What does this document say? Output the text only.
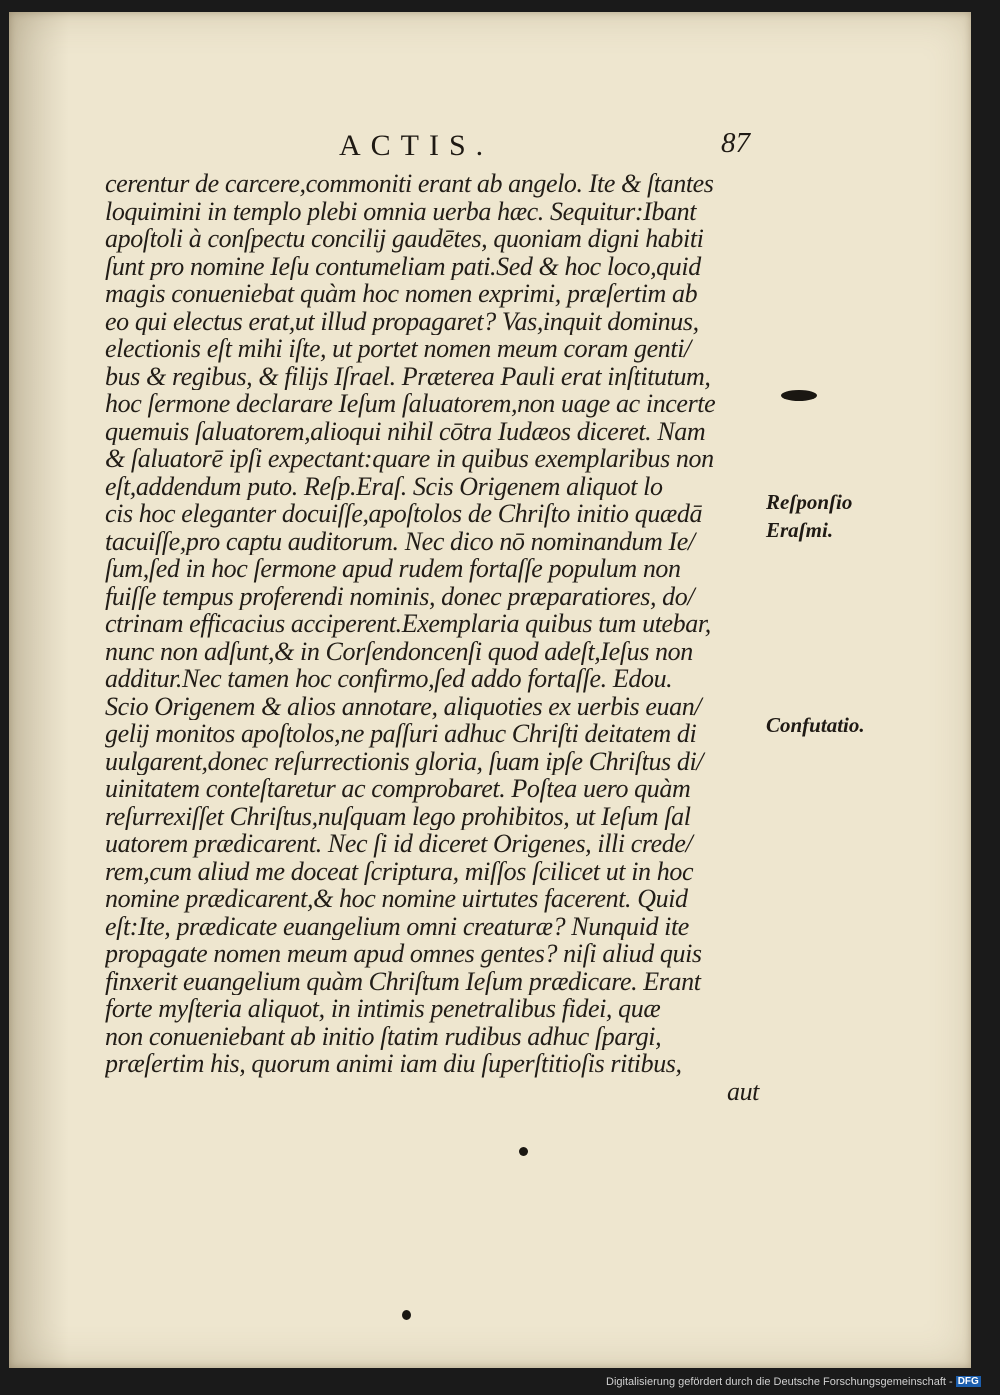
ACTIS.	87
cerentur de carcere,commoniti erant ab angelo. Ite & ſtantes
loquimini in templo plebi omnia uerba hæc. Sequitur:Ibant
apoſtoli à conſpectu concilij gaudētes, quoniam digni habiti
ſunt pro nomine Ieſu contumeliam pati.Sed & hoc loco,quid
magis conueniebat quàm hoc nomen exprimi, præſertim ab
eo qui electus erat,ut illud propagaret? Vas,inquit dominus,
electionis eſt mihi iſte, ut portet nomen meum coram genti/
bus & regibus, & filijs Iſrael. Præterea Pauli erat inſtitutum,
hoc ſermone declarare Ieſum ſaluatorem,non uage ac incerte
quemuis ſaluatorem,alioqui nihil cōtra Iudæos diceret. Nam
& ſaluatorē ipſi expectant:quare in quibus exemplaribus non
eſt,addendum puto. Reſp.Eraſ. Scis Origenem aliquot lo
cis hoc eleganter docuiſſe,apoſtolos de Chriſto initio quædā
tacuiſſe,pro captu auditorum. Nec dico nō nominandum Ie/
ſum,ſed in hoc ſermone apud rudem fortaſſe populum non
fuiſſe tempus proferendi nominis, donec præparatiores, do/
ctrinam efficacius acciperent.Exemplaria quibus tum utebar,
nunc non adſunt,& in Corſendoncenſi quod adeſt,Ieſus non
additur.Nec tamen hoc confirmo,ſed addo fortaſſe. Edou.
Scio Origenem & alios annotare, aliquoties ex uerbis euan/
gelij monitos apoſtolos,ne paſſuri adhuc Chriſti deitatem di
uulgarent,donec reſurrectionis gloria, ſuam ipſe Chriſtus di/
uinitatem conteſtaretur ac comprobaret. Poſtea uero quàm
reſurrexiſſet Chriſtus,nuſquam lego prohibitos, ut Ieſum ſal
uatorem prædicarent. Nec ſi id diceret Origenes, illi crede/
rem,cum aliud me doceat ſcriptura, miſſos ſcilicet ut in hoc
nomine prædicarent,& hoc nomine uirtutes facerent. Quid
eſt:Ite, prædicate euangelium omni creaturæ? Nunquid ite
propagate nomen meum apud omnes gentes? niſi aliud quis
finxerit euangelium quàm Chriſtum Ieſum prædicare. Erant
forte myſteria aliquot, in intimis penetralibus fidei, quæ
non conueniebant ab initio ſtatim rudibus adhuc ſpargi,
præſertim his, quorum animi iam diu ſuperſtitioſis ritibus,
aut

Reſponſio

Eraſmi.

Confutatio.

Digitalisierung gefördert durch die Deutsche Forschungsgemeinschaft - DFG
